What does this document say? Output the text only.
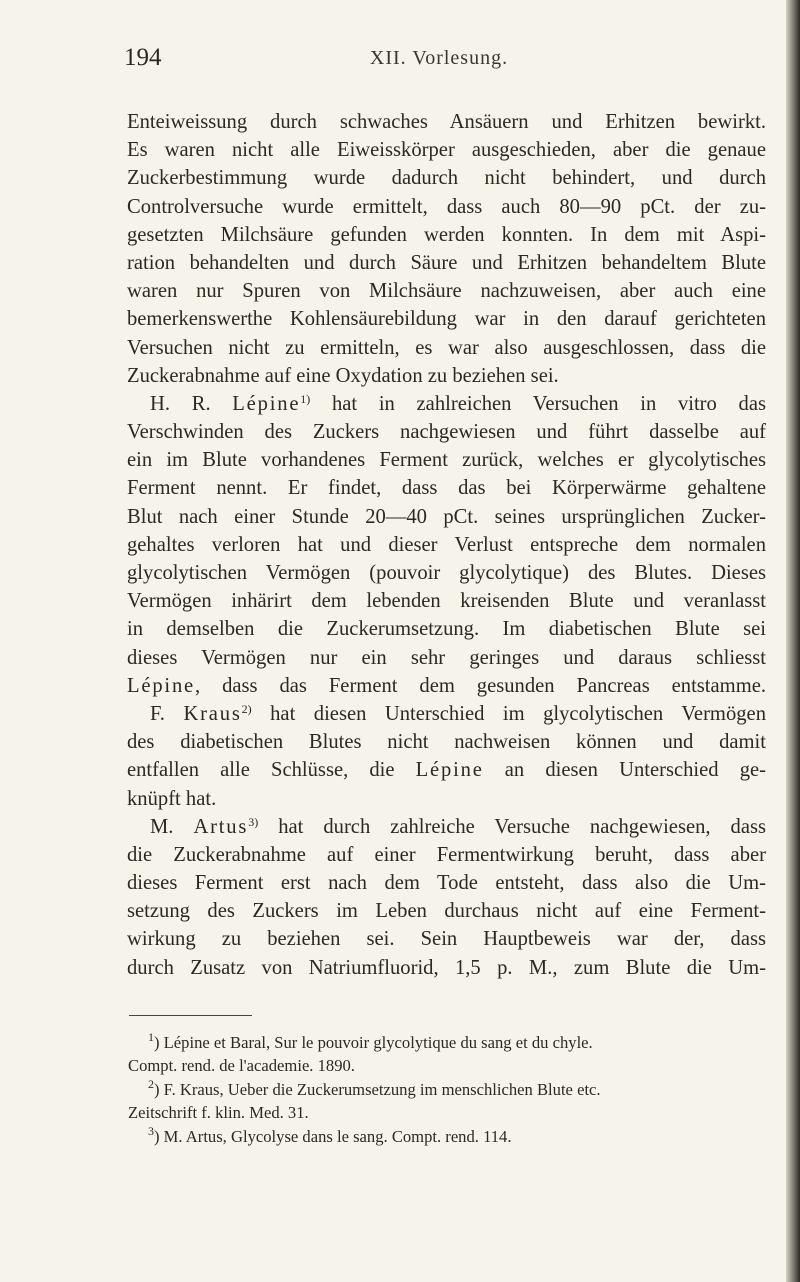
194	XII. Vorlesung.
Enteiweissung durch schwaches Ansäuern und Erhitzen bewirkt.
Es waren nicht alle Eiweisskörper ausgeschieden, aber die genaue
Zuckerbestimmung wurde dadurch nicht behindert, und durch
Controlversuche wurde ermittelt, dass auch 80—90 pCt. der zu-
gesetzten Milchsäure gefunden werden konnten. In dem mit Aspi-
ration behandelten und durch Säure und Erhitzen behandeltem Blute
waren nur Spuren von Milchsäure nachzuweisen, aber auch eine
bemerkenswerthe Kohlensäurebildung war in den darauf gerichteten
Versuchen nicht zu ermitteln, es war also ausgeschlossen, dass die
Zuckerabnahme auf eine Oxydation zu beziehen sei.
H. R. Lépine$^{1)}$ hat in zahlreichen Versuchen in vitro das
Verschwinden des Zuckers nachgewiesen und führt dasselbe auf
ein im Blute vorhandenes Ferment zurück, welches er glycolytisches
Ferment nennt. Er findet, dass das bei Körperwärme gehaltene
Blut nach einer Stunde 20—40 pCt. seines ursprünglichen Zucker-
gehaltes verloren hat und dieser Verlust entspreche dem normalen
glycolytischen Vermögen (pouvoir glycolytique) des Blutes. Dieses
Vermögen inhärirt dem lebenden kreisenden Blute und veranlasst
in demselben die Zuckerumsetzung. Im diabetischen Blute sei
dieses Vermögen nur ein sehr geringes und daraus schliesst
Lépine, dass das Ferment dem gesunden Pancreas entstamme.
F. Kraus$^{2)}$ hat diesen Unterschied im glycolytischen Vermögen
des diabetischen Blutes nicht nachweisen können und damit
entfallen alle Schlüsse, die Lépine an diesen Unterschied ge-
knüpft hat.
M. Artus$^{3)}$ hat durch zahlreiche Versuche nachgewiesen, dass
die Zuckerabnahme auf einer Fermentwirkung beruht, dass aber
dieses Ferment erst nach dem Tode entsteht, dass also die Um-
setzung des Zuckers im Leben durchaus nicht auf eine Ferment-
wirkung zu beziehen sei. Sein Hauptbeweis war der, dass
durch Zusatz von Natriumfluorid, 1,5 p. M., zum Blute die Um-
$^1$) Lépine et Baral, Sur le pouvoir glycolytique du sang et du chyle.
Compt. rend. de l'academie. 1890.
$^2$) F. Kraus, Ueber die Zuckerumsetzung im menschlichen Blute etc.
Zeitschrift f. klin. Med. 31.
$^3$) M. Artus, Glycolyse dans le sang. Compt. rend. 114.
